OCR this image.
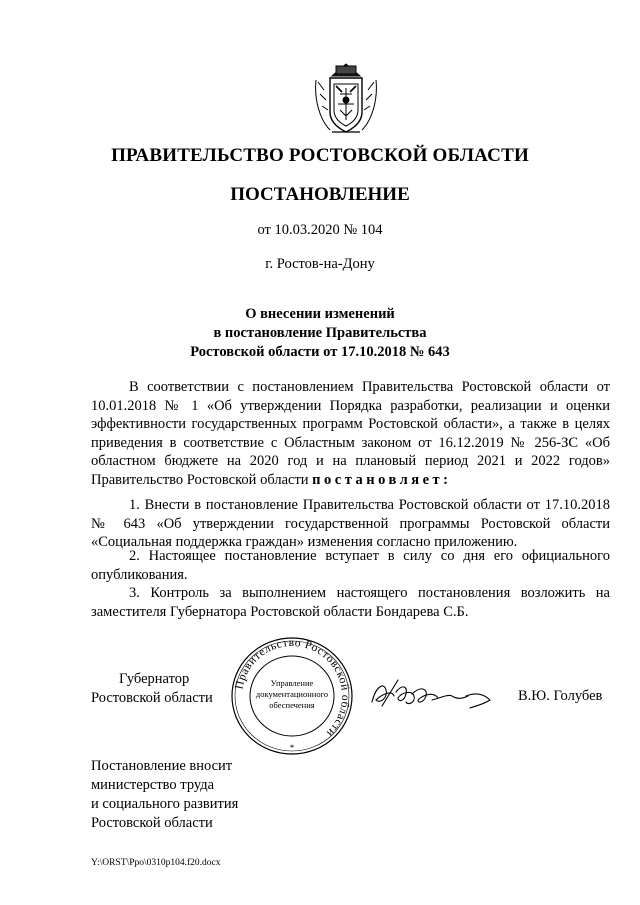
ПРАВИТЕЛЬСТВО РОСТОВСКОЙ ОБЛАСТИ
ПОСТАНОВЛЕНИЕ
от 10.03.2020 № 104
г. Ростов-на-Дону
О внесении изменений
в постановление Правительства
Ростовской области от 17.10.2018 № 643

В соответствии с постановлением Правительства Ростовской области от 10.01.2018 № 1 «Об утверждении Порядка разработки, реализации и оценки эффективности государственных программ Ростовской области», а также в целях приведения в соответствие с Областным законом от 16.12.2019 № 256-ЗС «Об областном бюджете на 2020 год и на плановый период 2021 и 2022 годов» Правительство Ростовской области постановляет:

1. Внести в постановление Правительства Ростовской области от 17.10.2018 № 643 «Об утверждении государственной программы Ростовской области «Социальная поддержка граждан» изменения согласно приложению.

2. Настоящее постановление вступает в силу со дня его официального опубликования.

3. Контроль за выполнением настоящего постановления возложить на заместителя Губернатора Ростовской области Бондарева С.Б.

Губернатор
Ростовской области
Правительство Ростовской области
Управление
документационного
обеспечения
*
В.Ю. Голубев
Постановление вносит
министерство труда
и социального развития
Ростовской области
Y:\ORST\Ppo\0310p104.f20.docx
